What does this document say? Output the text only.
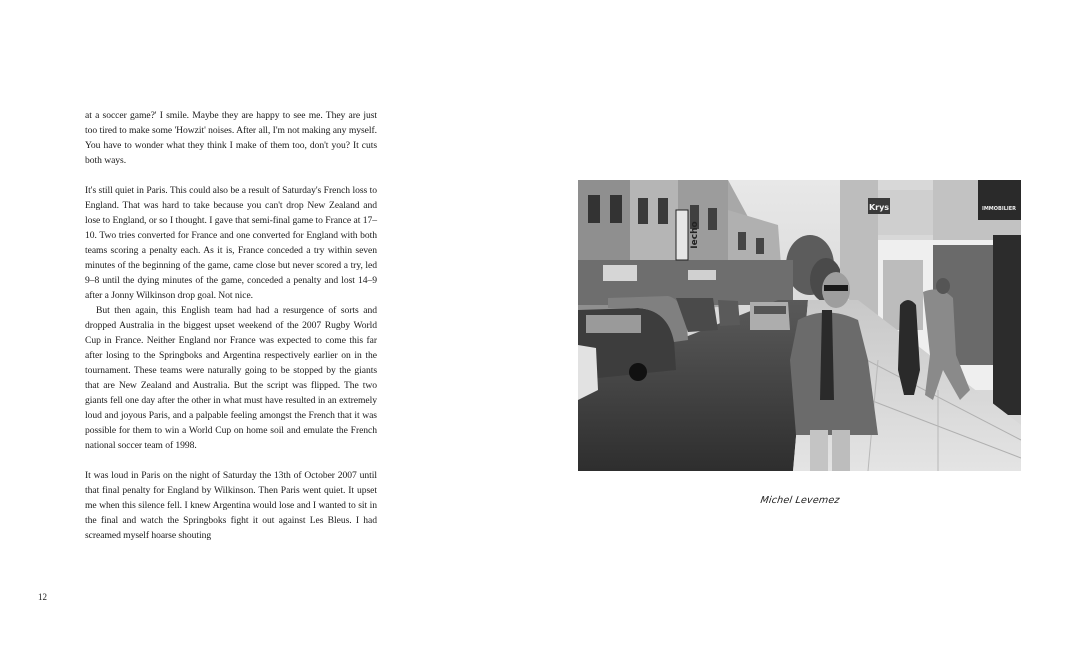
at a soccer game?' I smile. Maybe they are happy to see me. They are just too tired to make some 'Howzit' noises. After all, I'm not making any myself. You have to wonder what they think I make of them too, don't you? It cuts both ways.

It's still quiet in Paris. This could also be a result of Saturday's French loss to England. That was hard to take because you can't drop New Zealand and lose to England, or so I thought. I gave that semi-final game to France at 17–10. Two tries converted for France and one converted for England with both teams scoring a penalty each. As it is, France conceded a try within seven minutes of the beginning of the game, came close but never scored a try, led 9–8 until the dying minutes of the game, conceded a penalty and lost 14–9 after a Jonny Wilkinson drop goal. Not nice.

But then again, this English team had had a resurgence of sorts and dropped Australia in the biggest upset weekend of the 2007 Rugby World Cup in France. Neither England nor France was expected to come this far after losing to the Springboks and Argentina respectively earlier on in the tournament. These teams were naturally going to be stopped by the giants that are New Zealand and Australia. But the script was flipped. The two giants fell one day after the other in what must have resulted in an extremely loud and joyous Paris, and a palpable feeling amongst the French that it was possible for them to win a World Cup on home soil and emulate the French national soccer team of 1998.

It was loud in Paris on the night of Saturday the 13th of October 2007 until that final penalty for England by Wilkinson. Then Paris went quiet. It upset me when this silence fell. I knew Argentina would lose and I wanted to sit in the final and watch the Springboks fight it out against Les Bleus. I had screamed myself hoarse shouting

12
Iecho
IMMOBILIER
Krys
Michel Levemez
